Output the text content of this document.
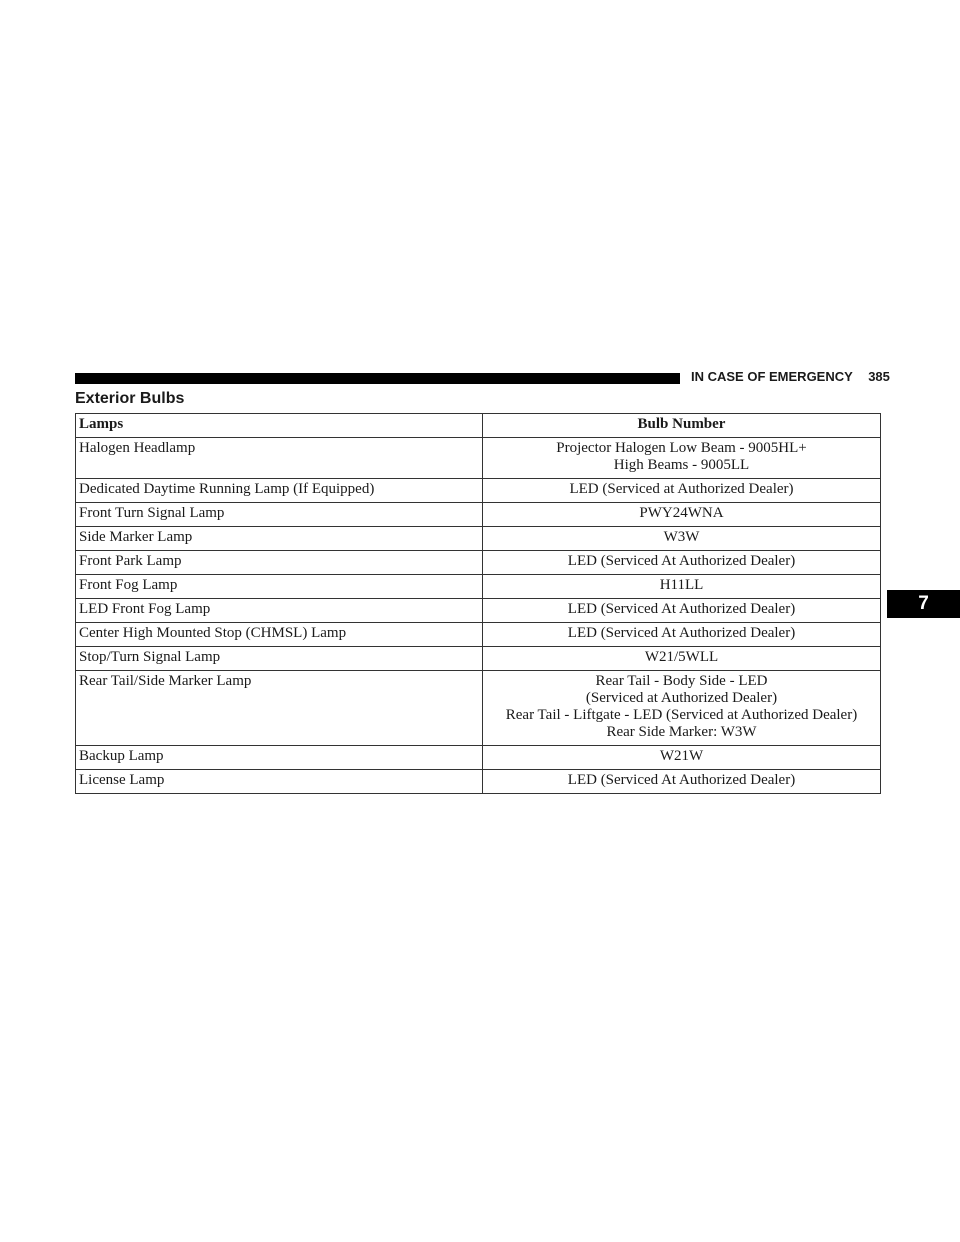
IN CASE OF EMERGENCY 385
Exterior Bulbs
Lamps	Bulb Number
Halogen Headlamp	Projector Halogen Low Beam - 9005HL+
High Beams - 9005LL

Dedicated Daytime Running Lamp (If Equipped)	LED (Serviced at Authorized Dealer)

Front Turn Signal Lamp	PWY24WNA

Side Marker Lamp	W3W

Front Park Lamp	LED (Serviced At Authorized Dealer)

Front Fog Lamp	H11LL

LED Front Fog Lamp	LED (Serviced At Authorized Dealer)

Center High Mounted Stop (CHMSL) Lamp	LED (Serviced At Authorized Dealer)

Stop/Turn Signal Lamp	W21/5WLL

Rear Tail/Side Marker Lamp	Rear Tail - Body Side - LED
(Serviced at Authorized Dealer)
Rear Tail - Liftgate - LED (Serviced at Authorized Dealer)
Rear Side Marker: W3W

Backup Lamp	W21W

License Lamp	LED (Serviced At Authorized Dealer)
7
